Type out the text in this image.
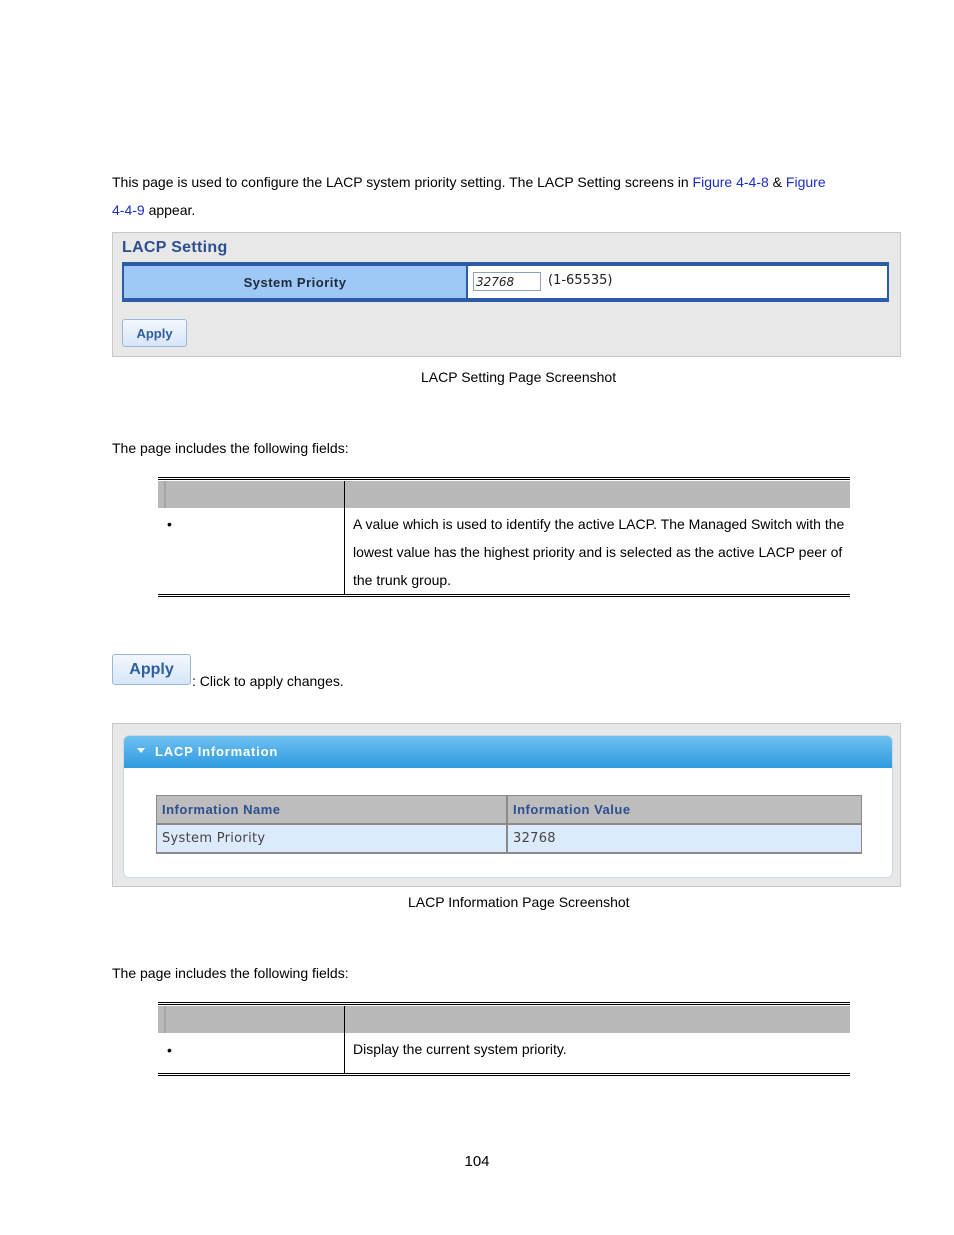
This page is used to configure the LACP system priority setting. The LACP Setting screens in Figure 4-4-8 & Figure
4-4-9 appear.
LACP Setting
System Priority
32768	(1-65535)
Apply
LACP Setting Page Screenshot
The page includes the following fields:
•	A value which is used to identify the active LACP. The Managed Switch with the lowest value has the highest priority and is selected as the active LACP peer of the trunk group.
Apply
: Click to apply changes.
LACP Information
Information Name	Information Value
System Priority	32768
LACP Information Page Screenshot
The page includes the following fields:
•	Display the current system priority.
104
